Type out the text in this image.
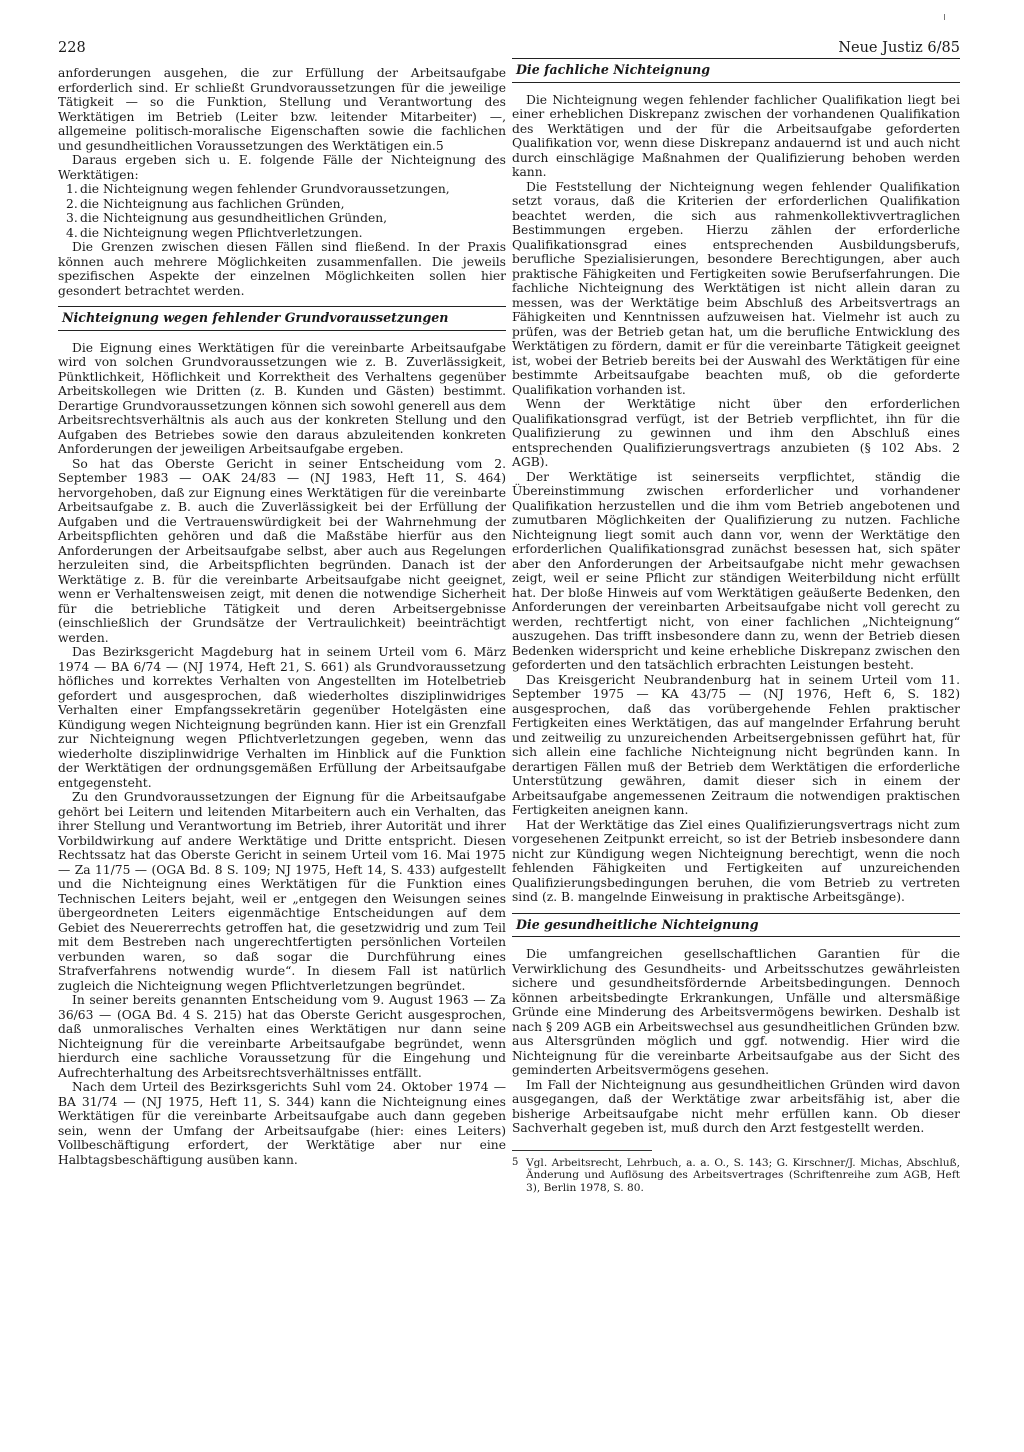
228	Neue Justiz 6/85

anforderungen ausgehen, die zur Erfüllung der Arbeitsaufgabe erforderlich sind. Er schließt Grundvoraussetzungen für die jeweilige Tätigkeit — so die Funktion, Stellung und Verantwortung des Werktätigen im Betrieb (Leiter bzw. leitender Mitarbeiter) —, allgemeine politisch-moralische Eigenschaften sowie die fachlichen und gesundheitlichen Voraussetzungen des Werktätigen ein.5

Daraus ergeben sich u. E. folgende Fälle der Nichteignung des Werktätigen:

1. die Nichteignung wegen fehlender Grundvoraussetzungen,
2. die Nichteignung aus fachlichen Gründen,
3. die Nichteignung aus gesundheitlichen Gründen,
4. die Nichteignung wegen Pflichtverletzungen.

Die Grenzen zwischen diesen Fällen sind fließend. In der Praxis können auch mehrere Möglichkeiten zusammenfallen. Die jeweils spezifischen Aspekte der einzelnen Möglichkeiten sollen hier gesondert betrachtet werden.

Nichteignung wegen fehlender Grundvoraussetzungen

Die Eignung eines Werktätigen für die vereinbarte Arbeitsaufgabe wird von solchen Grundvoraussetzungen wie z. B. Zuverlässigkeit, Pünktlichkeit, Höflichkeit und Korrektheit des Verhaltens gegenüber Arbeitskollegen wie Dritten (z. B. Kunden und Gästen) bestimmt. Derartige Grundvoraussetzungen können sich sowohl generell aus dem Arbeitsrechtsverhältnis als auch aus der konkreten Stellung und den Aufgaben des Betriebes sowie den daraus abzuleitenden konkreten Anforderungen der jeweiligen Arbeitsaufgabe ergeben.

So hat das Oberste Gericht in seiner Entscheidung vom 2. September 1983 — OAK 24/83 — (NJ 1983, Heft 11, S. 464) hervorgehoben, daß zur Eignung eines Werktätigen für die vereinbarte Arbeitsaufgabe z. B. auch die Zuverlässigkeit bei der Erfüllung der Aufgaben und die Vertrauenswürdigkeit bei der Wahrnehmung der Arbeitspflichten gehören und daß die Maßstäbe hierfür aus den Anforderungen der Arbeitsaufgabe selbst, aber auch aus Regelungen herzuleiten sind, die Arbeitspflichten begründen. Danach ist der Werktätige z. B. für die vereinbarte Arbeitsaufgabe nicht geeignet, wenn er Verhaltensweisen zeigt, mit denen die notwendige Sicherheit für die betriebliche Tätigkeit und deren Arbeitsergebnisse (einschließlich der Grundsätze der Vertraulichkeit) beeinträchtigt werden.

Das Bezirksgericht Magdeburg hat in seinem Urteil vom 6. März 1974 — BA 6/74 — (NJ 1974, Heft 21, S. 661) als Grundvoraussetzung höfliches und korrektes Verhalten von Angestellten im Hotelbetrieb gefordert und ausgesprochen, daß wiederholtes disziplinwidriges Verhalten einer Empfangssekretärin gegenüber Hotelgästen eine Kündigung wegen Nichteignung begründen kann. Hier ist ein Grenzfall zur Nichteignung wegen Pflichtverletzungen gegeben, wenn das wiederholte disziplinwidrige Verhalten im Hinblick auf die Funktion der Werktätigen der ordnungsgemäßen Erfüllung der Arbeitsaufgabe entgegensteht.

Zu den Grundvoraussetzungen der Eignung für die Arbeitsaufgabe gehört bei Leitern und leitenden Mitarbeitern auch ein Verhalten, das ihrer Stellung und Verantwortung im Betrieb, ihrer Autorität und ihrer Vorbildwirkung auf andere Werktätige und Dritte entspricht. Diesen Rechtssatz hat das Oberste Gericht in seinem Urteil vom 16. Mai 1975 — Za 11/75 — (OGA Bd. 8 S. 109; NJ 1975, Heft 14, S. 433) aufgestellt und die Nichteignung eines Werktätigen für die Funktion eines Technischen Leiters bejaht, weil er „entgegen den Weisungen seines übergeordneten Leiters eigenmächtige Entscheidungen auf dem Gebiet des Neuererrechts getroffen hat, die gesetzwidrig und zum Teil mit dem Bestreben nach ungerechtfertigten persönlichen Vorteilen verbunden waren, so daß sogar die Durchführung eines Strafverfahrens notwendig wurde“. In diesem Fall ist natürlich zugleich die Nichteignung wegen Pflichtverletzungen begründet.

In seiner bereits genannten Entscheidung vom 9. August 1963 — Za 36/63 — (OGA Bd. 4 S. 215) hat das Oberste Gericht ausgesprochen, daß unmoralisches Verhalten eines Werktätigen nur dann seine Nichteignung für die vereinbarte Arbeitsaufgabe begründet, wenn hierdurch eine sachliche Voraussetzung für die Eingehung und Aufrechterhaltung des Arbeitsrechtsverhältnisses entfällt.

Nach dem Urteil des Bezirksgerichts Suhl vom 24. Oktober 1974 — BA 31/74 — (NJ 1975, Heft 11, S. 344) kann die Nichteignung eines Werktätigen für die vereinbarte Arbeitsaufgabe auch dann gegeben sein, wenn der Umfang der Arbeitsaufgabe (hier: eines Leiters) Vollbeschäftigung erfordert, der Werktätige aber nur eine Halbtagsbeschäftigung ausüben kann.

Die fachliche Nichteignung

Die Nichteignung wegen fehlender fachlicher Qualifikation liegt bei einer erheblichen Diskrepanz zwischen der vorhandenen Qualifikation des Werktätigen und der für die Arbeitsaufgabe geforderten Qualifikation vor, wenn diese Diskrepanz andauernd ist und auch nicht durch einschlägige Maßnahmen der Qualifizierung behoben werden kann.

Die Feststellung der Nichteignung wegen fehlender Qualifikation setzt voraus, daß die Kriterien der erforderlichen Qualifikation beachtet werden, die sich aus rahmenkollektivvertraglichen Bestimmungen ergeben. Hierzu zählen der erforderliche Qualifikationsgrad eines entsprechenden Ausbildungsberufs, berufliche Spezialisierungen, besondere Berechtigungen, aber auch praktische Fähigkeiten und Fertigkeiten sowie Berufserfahrungen. Die fachliche Nichteignung des Werktätigen ist nicht allein daran zu messen, was der Werktätige beim Abschluß des Arbeitsvertrags an Fähigkeiten und Kenntnissen aufzuweisen hat. Vielmehr ist auch zu prüfen, was der Betrieb getan hat, um die berufliche Entwicklung des Werktätigen zu fördern, damit er für die vereinbarte Tätigkeit geeignet ist, wobei der Betrieb bereits bei der Auswahl des Werktätigen für eine bestimmte Arbeitsaufgabe beachten muß, ob die geforderte Qualifikation vorhanden ist.

Wenn der Werktätige nicht über den erforderlichen Qualifikationsgrad verfügt, ist der Betrieb verpflichtet, ihn für die Qualifizierung zu gewinnen und ihm den Abschluß eines entsprechenden Qualifizierungsvertrags anzubieten (§ 102 Abs. 2 AGB).

Der Werktätige ist seinerseits verpflichtet, ständig die Übereinstimmung zwischen erforderlicher und vorhandener Qualifikation herzustellen und die ihm vom Betrieb angebotenen und zumutbaren Möglichkeiten der Qualifizierung zu nutzen. Fachliche Nichteignung liegt somit auch dann vor, wenn der Werktätige den erforderlichen Qualifikationsgrad zunächst besessen hat, sich später aber den Anforderungen der Arbeitsaufgabe nicht mehr gewachsen zeigt, weil er seine Pflicht zur ständigen Weiterbildung nicht erfüllt hat. Der bloße Hinweis auf vom Werktätigen geäußerte Bedenken, den Anforderungen der vereinbarten Arbeitsaufgabe nicht voll gerecht zu werden, rechtfertigt nicht, von einer fachlichen „Nichteignung“ auszugehen. Das trifft insbesondere dann zu, wenn der Betrieb diesen Bedenken widerspricht und keine erhebliche Diskrepanz zwischen den geforderten und den tatsächlich erbrachten Leistungen besteht.

Das Kreisgericht Neubrandenburg hat in seinem Urteil vom 11. September 1975 — KA 43/75 — (NJ 1976, Heft 6, S. 182) ausgesprochen, daß das vorübergehende Fehlen praktischer Fertigkeiten eines Werktätigen, das auf mangelnder Erfahrung beruht und zeitweilig zu unzureichenden Arbeitsergebnissen geführt hat, für sich allein eine fachliche Nichteignung nicht begründen kann. In derartigen Fällen muß der Betrieb dem Werktätigen die erforderliche Unterstützung gewähren, damit dieser sich in einem der Arbeitsaufgabe angemessenen Zeitraum die notwendigen praktischen Fertigkeiten aneignen kann.

Hat der Werktätige das Ziel eines Qualifizierungsvertrags nicht zum vorgesehenen Zeitpunkt erreicht, so ist der Betrieb insbesondere dann nicht zur Kündigung wegen Nichteignung berechtigt, wenn die noch fehlenden Fähigkeiten und Fertigkeiten auf unzureichenden Qualifizierungsbedingungen beruhen, die vom Betrieb zu vertreten sind (z. B. mangelnde Einweisung in praktische Arbeitsgänge).

Die gesundheitliche Nichteignung

Die umfangreichen gesellschaftlichen Garantien für die Verwirklichung des Gesundheits- und Arbeitsschutzes gewährleisten sichere und gesundheitsfördernde Arbeitsbedingungen. Dennoch können arbeitsbedingte Erkrankungen, Unfälle und altersmäßige Gründe eine Minderung des Arbeitsvermögens bewirken. Deshalb ist nach § 209 AGB ein Arbeitswechsel aus gesundheitlichen Gründen bzw. aus Altersgründen möglich und ggf. notwendig. Hier wird die Nichteignung für die vereinbarte Arbeitsaufgabe aus der Sicht des geminderten Arbeitsvermögens gesehen.

Im Fall der Nichteignung aus gesundheitlichen Gründen wird davon ausgegangen, daß der Werktätige zwar arbeitsfähig ist, aber die bisherige Arbeitsaufgabe nicht mehr erfüllen kann. Ob dieser Sachverhalt gegeben ist, muß durch den Arzt festgestellt werden.

5 Vgl. Arbeitsrecht, Lehrbuch, a. a. O., S. 143; G. Kirschner/J. Michas, Abschluß, Änderung und Auflösung des Arbeitsvertrages (Schriftenreihe zum AGB, Heft 3), Berlin 1978, S. 80.
